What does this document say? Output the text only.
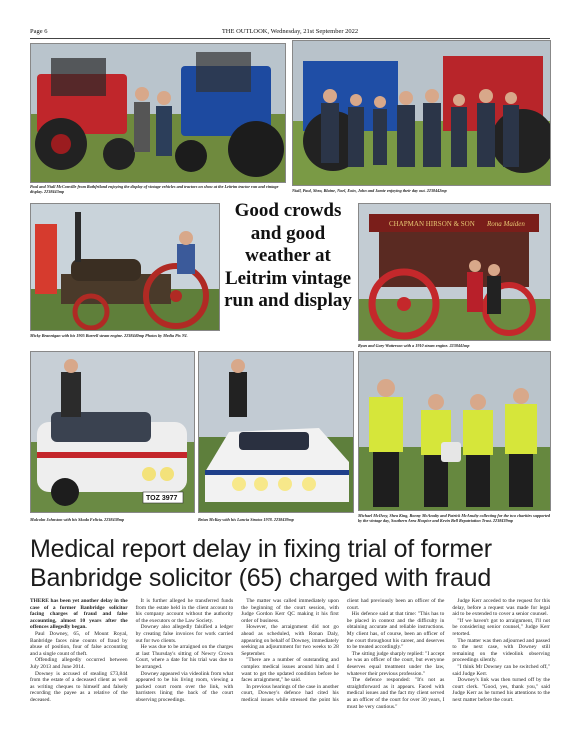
Page 6	THE OUTLOOK, Wednesday, 21st September 2022
Paul and Niall McConville from Rathfriland enjoying the display of vintage vehicles and tractors on show at the Leitrim tractor run and vintage display. 2238443mp	Niall, Paul, Shea, Blaine, Noel, Eoin, John and Jamie enjoying their day out. 2238442mp
Micky Brannigan with his 1905 Burrell steam engine. 2238440mp Photos by Media Pix NI.
Good crowds and good weather at Leitrim vintage run and display
CHAPMAN HIRSON & SON Rona Maiden
Ryan and Gary Watterson with a 1910 steam engine. 2238441mp
TOZ 3977
Malcolm Johnston with his Skoda Felicia. 2238438mp	Brian McKay with his Lancia Stratos 1978. 2238439mp
Michael McIlvoy, Shea King, Ronny McAnulty and Patrick McAnulty collecting for the two charities supported by the vintage day, Southern Area Hospice and Kevin Bell Repatriation Trust. 2238439mp
Medical report delay in fixing trial of former Banbridge solicitor (65) charged with fraud

THERE has been yet another delay in the case of a former Banbridge solicitor facing charges of fraud and false accounting, almost 10 years after the offences allegedly began.

Paul Downey, 65, of Mount Royal, Banbridge faces nine counts of fraud by abuse of position, four of false accounting and a single count of theft.

Offending allegedly occurred between July 2013 and June 2014.

Downey is accused of stealing £73,844 from the estate of a deceased client as well as writing cheques to himself and falsely recording the payee as a relative of the deceased.

It is further alleged he transferred funds from the estate held in the client account to his company account without the authority of the executors or the Law Society.

Downey also allegedly falsified a ledger by creating false invoices for work carried out for two clients.

He was due to be arraigned on the charges at last Thursday's sitting of Newry Crown Court, where a date for his trial was due to be arranged.

Downey appeared via videolink from what appeared to be his living room, viewing a packed court room over the link, with barristers lining the back of the court observing proceedings.

The matter was called immediately upon the beginning of the court session, with Judge Gordon Kerr QC making it his first order of business.

However, the arraignment did not go ahead as scheduled, with Ronan Daly, appearing on behalf of Downey, immediately seeking an adjournment for two weeks to 28 September.

"There are a number of outstanding and complex medical issues around him and I want to get the updated condition before he faces arraignment," he said.

In previous hearings of the case in another court, Downey's defence had cited his medical issues while stressed the point his client had previously been an officer of the court.

His defence said at that time: "This has to be placed in context and the difficulty in obtaining accurate and reliable instructions. My client has, of course, been an officer of the court throughout his career, and deserves to be treated accordingly."

The sitting judge sharply replied: "I accept he was an officer of the court, but everyone deserves equal treatment under the law, whatever their previous profession."

The defence responded: "It's not as straightforward as it appears. Faced with medical issues and the fact my client served as an officer of the court for over 30 years, I must be very cautious."

Judge Kerr acceded to the request for this delay, before a request was made for legal aid to be extended to cover a senior counsel.

"If we haven't got to arraignment, I'll not be considering senior counsel," Judge Kerr retorted.

The matter was then adjourned and passed to the next case, with Downey still remaining on the videolink observing proceedings silently.

"I think Mr Downey can be switched off," said Judge Kerr.

Downey's link was then turned off by the court clerk. "Good, yes, thank you," said Judge Kerr as he turned his attentions to the next matter before the court.
